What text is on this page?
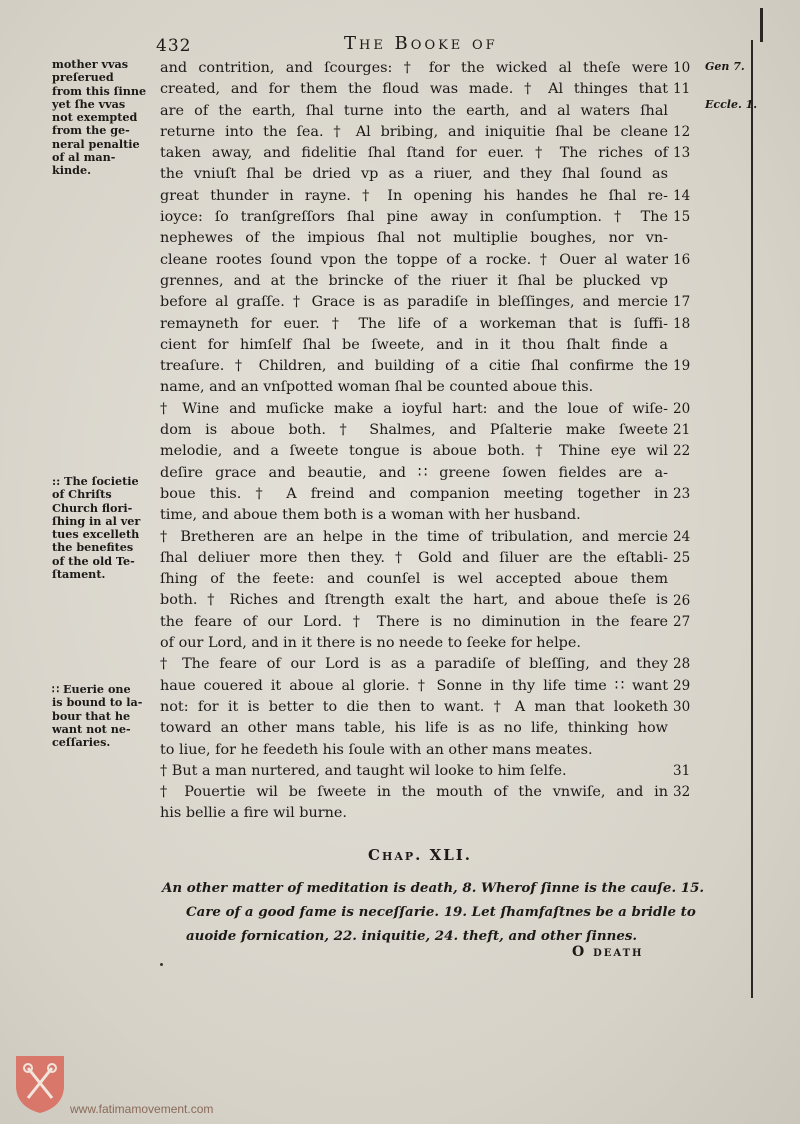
432	The Booke of
and contrition, and ſcourges: † for the wicked al theſe were
created, and for them the floud was made. † Al thinges that
are of the earth, ſhal turne into the earth, and al waters ſhal
returne into the ſea. † Al bribing, and iniquitie ſhal be cleane
taken away, and fidelitie ſhal ſtand for euer. † The riches of
the vniuſt ſhal be dried vp as a riuer, and they ſhal ſound as
great thunder in rayne. † In opening his handes he ſhal re-
ioyce: ſo tranſgreſſors ſhal pine away in conſumption. † The
nephewes of the impious ſhal not multiplie boughes, nor vn-
cleane rootes ſound vpon the toppe of a rocke. † Ouer al water
grennes, and at the brincke of the riuer it ſhal be plucked vp
before al graſſe. † Grace is as paradiſe in bleſſinges, and mercie
remayneth for euer. † The life of a workeman that is ſuffi-
cient for himſelf ſhal be ſweete, and in it thou ſhalt finde a
treaſure. † Children, and building of a citie ſhal confirme the
name, and an vnſpotted woman ſhal be counted aboue this.
† Wine and muſicke make a ioyful hart: and the loue of wiſe-
dom is aboue both. † Shalmes, and Pſalterie make ſweete
melodie, and a ſweete tongue is aboue both. † Thine eye wil
deſire grace and beautie, and ∷ greene ſowen fieldes are a-
boue this. † A freind and companion meeting together in
time, and aboue them both is a woman with her husband.
† Bretheren are an helpe in the time of tribulation, and mercie
ſhal deliuer more then they. † Gold and ſiluer are the eſtabli-
ſhing of the feete: and counſel is wel accepted aboue them
both. † Riches and ſtrength exalt the hart, and aboue theſe is
the feare of our Lord. † There is no diminution in the feare
of our Lord, and in it there is no neede to ſeeke for helpe.
† The feare of our Lord is as a paradiſe of bleſſing, and they
haue couered it aboue al glorie. † Sonne in thy life time ∷ want
not: for it is better to die then to want. † A man that looketh
toward an other mans table, his life is as no life, thinking how
to liue, for he feedeth his ſoule with an other mans meates.
† But a man nurtered, and taught wil looke to him ſelfe.
† Pouertie wil be ſweete in the mouth of the vnwiſe, and in
his bellie a fire wil burne.
10
11
12
13
14
15
16
17
18
19
20
21
22
23
24
25
26
27
28
29
30
31
32
Gen 7.
Eccle. 1.
mother vvas
preſerued
from this ſinne
yet ſhe vvas
not exempted
from the ge-
neral penaltie
of al man-
kinde.
:: The ſocietie
of Chriſts
Church flori-
ſhing in al ver
tues excelleth
the benefites
of the old Te-
ſtament.
∷ Euerie one
is bound to la-
bour that he
want not ne-
ceſſaries.
Chap. XLI.
An other matter of meditation is death, 8. Wherof ſinne is the cauſe. 15.
Care of a good fame is neceſſarie. 19. Let ſhamfaſtnes be a bridle to
auoide fornication, 22. iniquitie, 24. theft, and other ſinnes.
O death
www.fatimamovement.com
